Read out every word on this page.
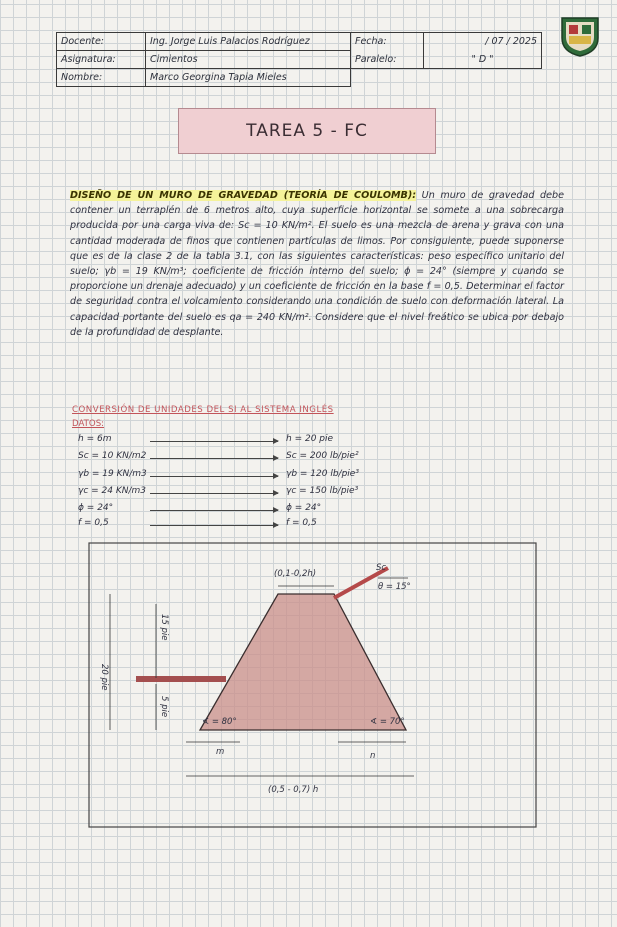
Docente:	Ing. Jorge Luis Palacios Rodríguez	Fecha:	/ 07 / 2025
Asignatura:	Cimientos	Paralelo:	" D "
Nombre:	Marco Georgina Tapia Mieles		
TAREA 5 - FC
DISEÑO DE UN MURO DE GRAVEDAD (TEORÍA DE COULOMB): Un muro de gravedad debe contener un terraplén de 6 metros alto, cuya superficie horizontal se somete a una sobrecarga producida por una carga viva de: Sc = 10 KN/m². El suelo es una mezcla de arena y grava con una cantidad moderada de finos que contienen partículas de limos. Por consiguiente, puede suponerse que es de la clase 2 de la tabla 3.1, con las siguientes características: peso específico unitario del suelo; γb = 19 KN/m³; coeficiente de fricción interno del suelo; ϕ = 24° (siempre y cuando se proporcione un drenaje adecuado) y un coeficiente de fricción en la base f = 0,5. Determinar el factor de seguridad contra el volcamiento considerando una condición de suelo con deformación lateral. La capacidad portante del suelo es qa = 240 KN/m². Considere que el nivel freático se ubica por debajo de la profundidad de desplante.
CONVERSIÓN DE UNIDADES DEL SI AL SISTEMA INGLÉS
DATOS:
h = 6m	h = 20 pie
Sc = 10 KN/m2	Sc = 200 lb/pie²
γb = 19 KN/m3	γb = 120 lb/pie³
γc = 24 KN/m3	γc = 150 lb/pie³
ϕ = 24°	ϕ = 24°
f = 0,5	f = 0,5
(0,1-0,2h)
Sc
θ = 15°
20 pie
15 pie
5 pie
∢ = 80°	∢ = 70°
m	n
(0,5 - 0,7) h
